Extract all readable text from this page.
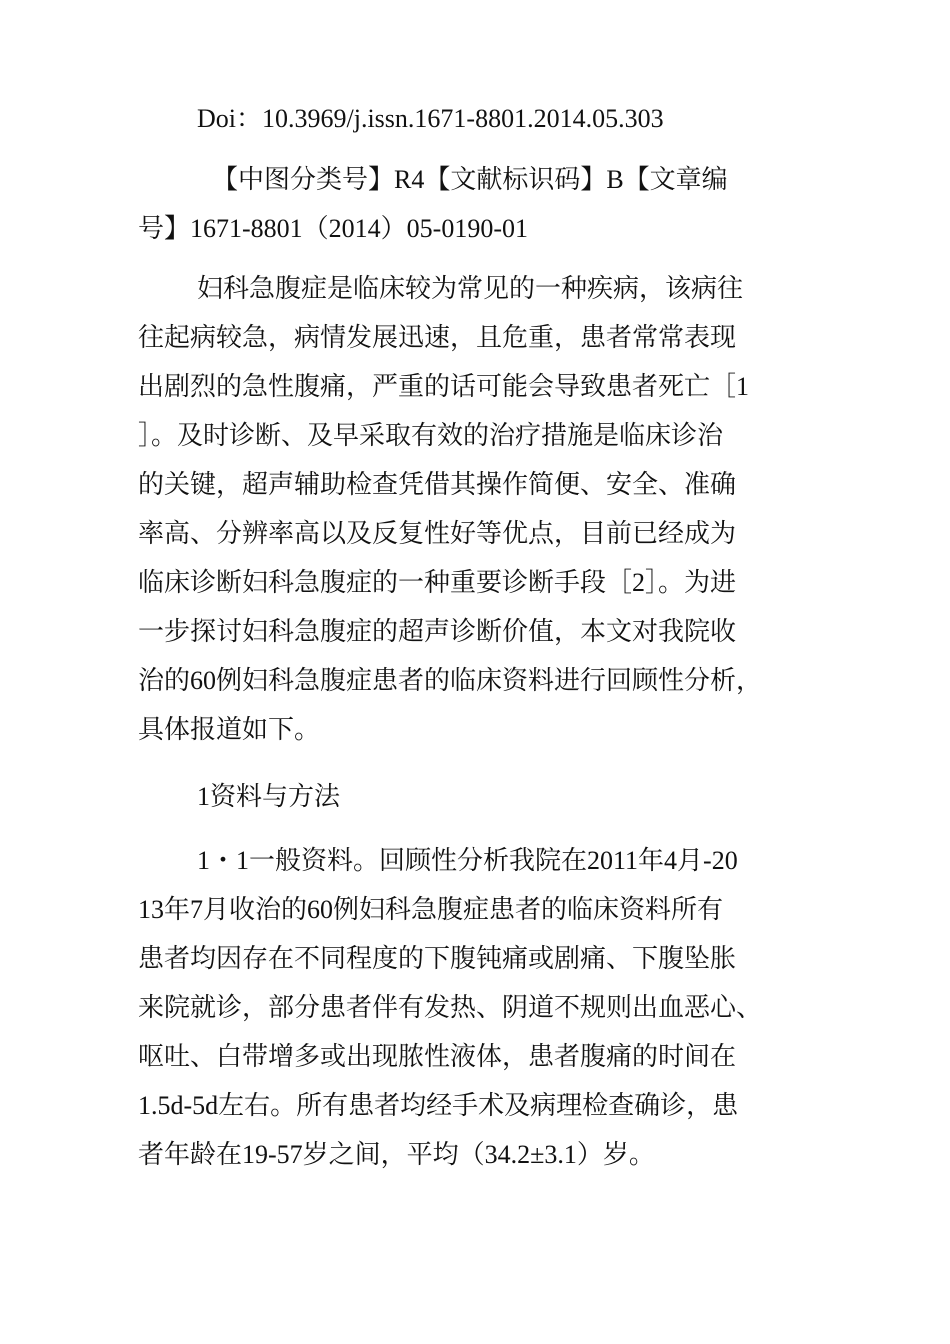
Doi：10.3969/j.issn.1671-8801.2014.05.303
【中图分类号】R4【文献标识码】B【文章编
号】1671-8801（2014）05-0190-01
妇科急腹症是临床较为常见的一种疾病，该病往
往起病较急，病情发展迅速，且危重，患者常常表现
出剧烈的急性腹痛，严重的话可能会导致患者死亡［1
］。及时诊断、及早采取有效的治疗措施是临床诊治
的关键，超声辅助检查凭借其操作简便、安全、准确
率高、分辨率高以及反复性好等优点，目前已经成为
临床诊断妇科急腹症的一种重要诊断手段［2］。为进
一步探讨妇科急腹症的超声诊断价值，本文对我院收
治的60例妇科急腹症患者的临床资料进行回顾性分析，
具体报道如下。
1资料与方法
1・1一般资料。回顾性分析我院在2011年4月-20
13年7月收治的60例妇科急腹症患者的临床资料所有
患者均因存在不同程度的下腹钝痛或剧痛、下腹坠胀
来院就诊，部分患者伴有发热、阴道不规则出血恶心、
呕吐、白带增多或出现脓性液体，患者腹痛的时间在
1.5d-5d左右。所有患者均经手术及病理检查确诊，患
者年龄在19-57岁之间，平均（34.2±3.1）岁。
